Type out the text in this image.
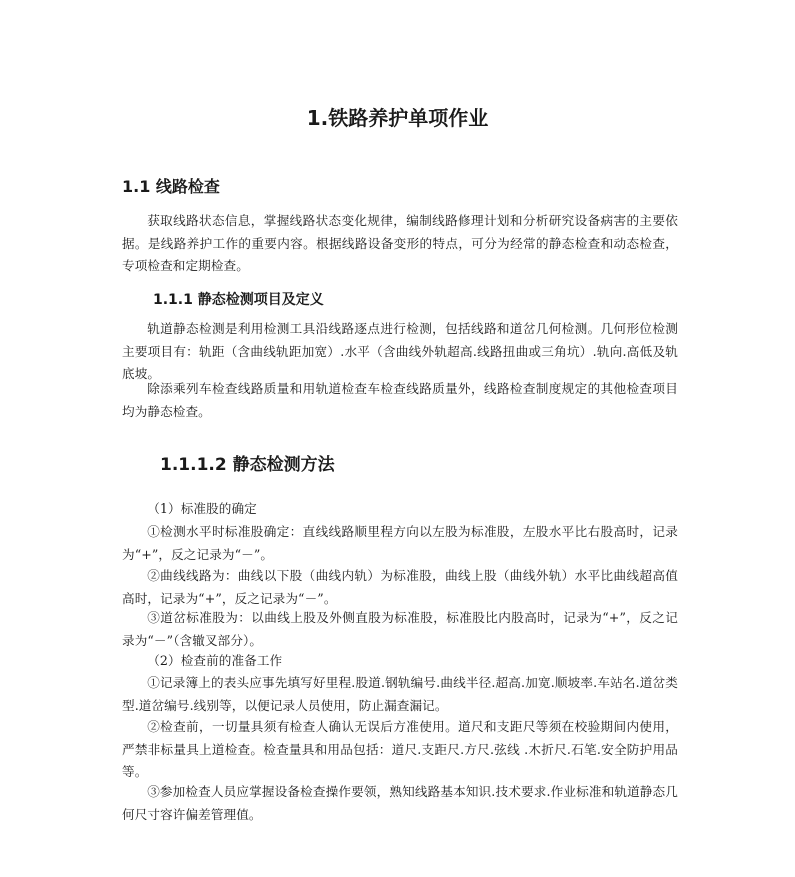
1.铁路养护单项作业
1.1 线路检查

获取线路状态信息，掌握线路状态变化规律，编制线路修理计划和分析研究设备病害的主要依据。是线路养护工作的重要内容。根据线路设备变形的特点，可分为经常的静态检查和动态检查，专项检查和定期检查。

1.1.1 静态检测项目及定义

轨道静态检测是利用检测工具沿线路逐点进行检测，包括线路和道岔几何检测。几何形位检测主要项目有：轨距（含曲线轨距加宽）.水平（含曲线外轨超高.线路扭曲或三角坑）.轨向.高低及轨底坡。

除添乘列车检查线路质量和用轨道检查车检查线路质量外，线路检查制度规定的其他检查项目均为静态检查。

1.1.1.2 静态检测方法

（1）标准股的确定

①检测水平时标准股确定：直线线路顺里程方向以左股为标准股，左股水平比右股高时，记录为“+”，反之记录为“－”。

②曲线线路为：曲线以下股（曲线内轨）为标准股，曲线上股（曲线外轨）水平比曲线超高值高时，记录为“+”，反之记录为“－”。

③道岔标准股为：以曲线上股及外侧直股为标准股，标准股比内股高时，记录为“+”，反之记录为“－”（含辙叉部分）。

（2）检查前的准备工作

①记录簿上的表头应事先填写好里程.股道.钢轨编号.曲线半径.超高.加宽.顺坡率.车站名.道岔类型.道岔编号.线别等，以便记录人员使用，防止漏查漏记。

②检查前，一切量具须有检查人确认无误后方准使用。道尺和支距尺等须在校验期间内使用，严禁非标量具上道检查。检查量具和用品包括：道尺.支距尺.方尺.弦线 .木折尺.石笔.安全防护用品等。

③参加检查人员应掌握设备检查操作要领，熟知线路基本知识.技术要求.作业标准和轨道静态几何尺寸容许偏差管理值。
